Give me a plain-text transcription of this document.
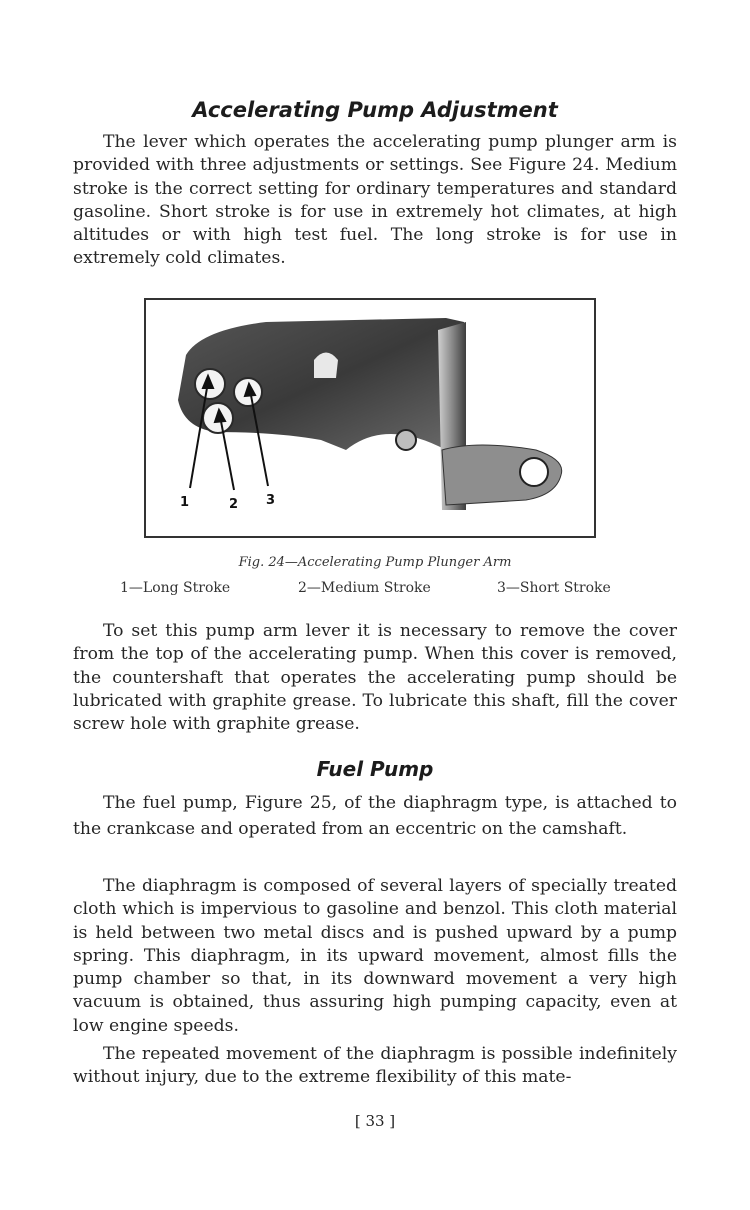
Accelerating Pump Adjustment

The lever which operates the accelerating pump plunger arm is provided with three adjustments or settings. See Figure 24. Medium stroke is the correct setting for ordinary temperatures and standard gasoline. Short stroke is for use in extremely hot climates, at high altitudes or with high test fuel. The long stroke is for use in extremely cold climates.

1	2 3

Fig. 24—Accelerating Pump Plunger Arm

1—Long Stroke	2—Medium Stroke	3—Short Stroke

To set this pump arm lever it is necessary to remove the cover from the top of the accelerating pump. When this cover is removed, the countershaft that operates the accelerating pump should be lubricated with graphite grease. To lubricate this shaft, fill the cover screw hole with graphite grease.

Fuel Pump

The fuel pump, Figure 25, of the diaphragm type, is attached to the crankcase and operated from an eccentric on the camshaft.

The diaphragm is composed of several layers of specially treated cloth which is impervious to gasoline and benzol. This cloth material is held between two metal discs and is pushed upward by a pump spring. This diaphragm, in its upward movement, almost fills the pump chamber so that, in its downward movement a very high vacuum is obtained, thus assuring high pumping capacity, even at low engine speeds.

The repeated movement of the diaphragm is possible indefinitely without injury, due to the extreme flexibility of this mate-

[ 33 ]
